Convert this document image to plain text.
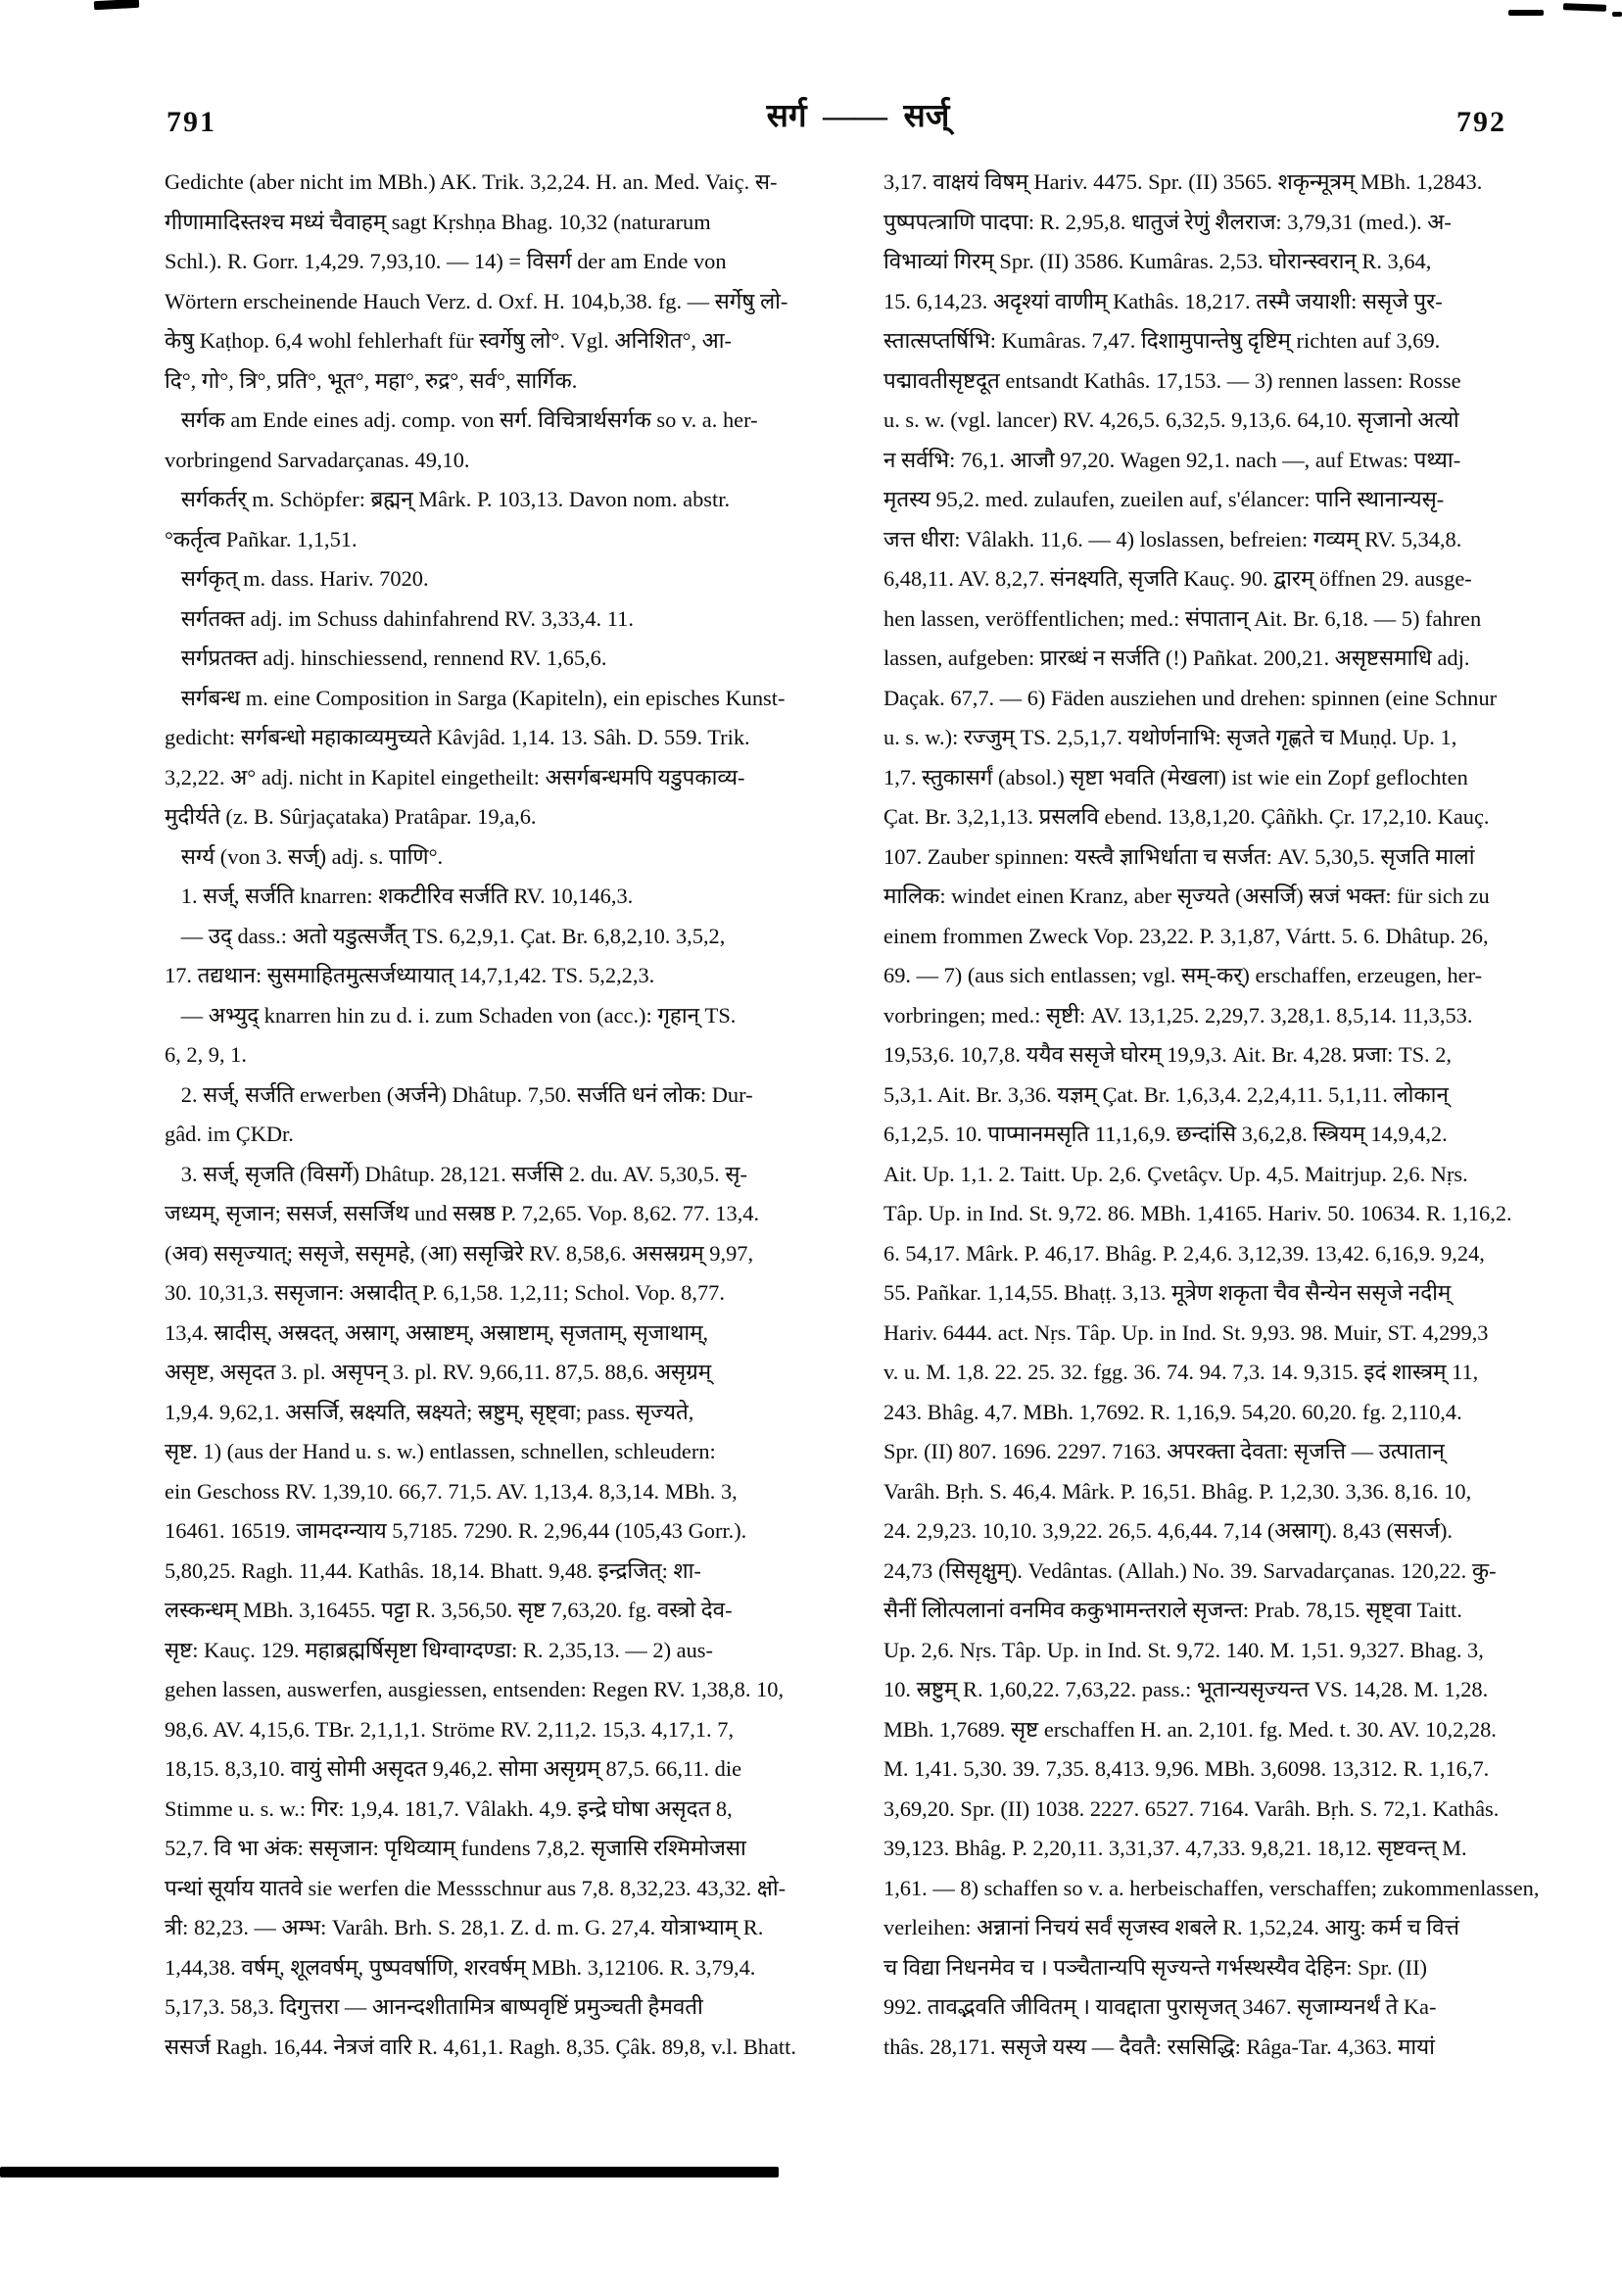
791	सर्ग  ——  सर्ज्	792
Gedichte (aber nicht im MBh.) AK. Trik. 3,2,24. H. an. Med. Vaiç. स-
गीणामादिस्तश्च मध्यं चैवाहम् sagt Kṛshṇa Bhag. 10,32 (naturarum
Schl.). R. Gorr. 1,4,29. 7,93,10. — 14) = विसर्ग der am Ende von
Wörtern erscheinende Hauch Verz. d. Oxf. H. 104,b,38. fg. — सर्गेषु लो-
केषु Kaṭhop. 6,4 wohl fehlerhaft für स्वर्गेषु लो°. Vgl. अनिशित°, आ-
दि°, गो°, त्रि°, प्रति°, भूत°, महा°, रुद्र°, सर्व°, सार्गिक.
सर्गक am Ende eines adj. comp. von सर्ग. विचित्रार्थसर्गक so v. a. her-
vorbringend Sarvadarçanas. 49,10.
सर्गकर्तर् m. Schöpfer: ब्रह्मन् Mârk. P. 103,13. Davon nom. abstr.
°कर्तृत्व Pañkar. 1,1,51.
सर्गकृत् m. dass. Hariv. 7020.
सर्गतक्त adj. im Schuss dahinfahrend RV. 3,33,4. 11.
सर्गप्रतक्त adj. hinschiessend, rennend RV. 1,65,6.
सर्गबन्ध m. eine Composition in Sarga (Kapiteln), ein episches Kunst-
gedicht: सर्गबन्धो महाकाव्यमुच्यते Kâvjâd. 1,14. 13. Sâh. D. 559. Trik.
3,2,22. अ° adj. nicht in Kapitel eingetheilt: असर्गबन्धमपि यडुपकाव्य-
मुदीर्यते (z. B. Sûrjaçataka) Pratâpar. 19,a,6.
सर्ग्य (von 3. सर्ज्) adj. s. पाणि°.
1. सर्ज्, सर्जति knarren: शकटीरिव सर्जति RV. 10,146,3.
— उद् dass.: अतो यडुत्सर्जैत् TS. 6,2,9,1. Çat. Br. 6,8,2,10. 3,5,2,
17. तद्यथान: सुसमाहितमुत्सर्जध्यायात् 14,7,1,42. TS. 5,2,2,3.
— अभ्युद् knarren hin zu d. i. zum Schaden von (acc.): गृहान् TS.
6, 2, 9, 1.
2. सर्ज्, सर्जति erwerben (अर्जने) Dhâtup. 7,50. सर्जति धनं लोक: Dur-
gâd. im ÇKDr.
3. सर्ज्, सृजति (विसर्गे) Dhâtup. 28,121. सर्जसि 2. du. AV. 5,30,5. सृ-
जध्यम्, सृजान; ससर्ज, ससर्जिथ und सस्रष्ठ P. 7,2,65. Vop. 8,62. 77. 13,4.
(अव) ससृज्यात्; ससृजे, ससृमहे, (आ) ससृज्रिरे RV. 8,58,6. असस्रग्रम् 9,97,
30. 10,31,3. ससृजान: अस्रादीत् P. 6,1,58. 1,2,11; Schol. Vop. 8,77.
13,4. स्रादीस्, अस्रदत्, अस्राग्, अस्राष्टम्, अस्राष्टाम्, सृजताम्, सृजाथाम्,
असृष्ट, असृदत 3. pl. असृपन् 3. pl. RV. 9,66,11. 87,5. 88,6. असृग्रम्
1,9,4. 9,62,1. असर्जि, स्रक्ष्यति, स्रक्ष्यते; स्रष्टुम्, सृष्ट्वा; pass. सृज्यते,
सृष्ट. 1) (aus der Hand u. s. w.) entlassen, schnellen, schleudern:
ein Geschoss RV. 1,39,10. 66,7. 71,5. AV. 1,13,4. 8,3,14. MBh. 3,
16461. 16519. जामदग्न्याय 5,7185. 7290. R. 2,96,44 (105,43 Gorr.).
5,80,25. Ragh. 11,44. Kathâs. 18,14. Bhatt. 9,48. इन्द्रजित्: शा-
लस्कन्धम् MBh. 3,16455. पट्टा R. 3,56,50. सृष्ट 7,63,20. fg. वस्त्रो देव-
सृष्ट: Kauç. 129. महाब्रह्मर्षिसृष्टा धिग्वाग्दण्डा: R. 2,35,13. — 2) aus-
gehen lassen, auswerfen, ausgiessen, entsenden: Regen RV. 1,38,8. 10,
98,6. AV. 4,15,6. TBr. 2,1,1,1. Ströme RV. 2,11,2. 15,3. 4,17,1. 7,
18,15. 8,3,10. वायुं सोमी असृदत 9,46,2. सोमा असृग्रम् 87,5. 66,11. die
Stimme u. s. w.: गिर: 1,9,4. 181,7. Vâlakh. 4,9. इन्द्रे घोषा असृदत 8,
52,7. वि भा अंक: ससृजान: पृथिव्याम् fundens 7,8,2. सृजासि रश्मिमोजसा
पन्थां सूर्याय यातवे sie werfen die Messschnur aus 7,8. 8,32,23. 43,32. क्षो-
त्री: 82,23. — अम्भ: Varâh. Brh. S. 28,1. Z. d. m. G. 27,4. योत्राभ्याम् R.
1,44,38. वर्षम्, शूलवर्षम्, पुष्पवर्षाणि, शरवर्षम् MBh. 3,12106. R. 3,79,4.
5,17,3. 58,3. दिगुत्तरा — आनन्दशीतामित्र बाष्पवृष्टिं प्रमुञ्चती हैमवती
ससर्ज Ragh. 16,44. नेत्रजं वारि R. 4,61,1. Ragh. 8,35. Çâk. 89,8, v.l. Bhatt.
3,17. वाक्षयं विषम् Hariv. 4475. Spr. (II) 3565. शकृन्मूत्रम् MBh. 1,2843.
पुष्पपत्त्राणि पादपा: R. 2,95,8. धातुजं रेणुं शैलराज: 3,79,31 (med.). अ-
विभाव्यां गिरम् Spr. (II) 3586. Kumâras. 2,53. घोरान्स्वरान् R. 3,64,
15. 6,14,23. अदृश्यां वाणीम् Kathâs. 18,217. तस्मै जयाशी: ससृजे पुर-
स्तात्सप्तर्षिभि: Kumâras. 7,47. दिशामुपान्तेषु दृष्टिम् richten auf 3,69.
पद्मावतीसृष्टदूत entsandt Kathâs. 17,153. — 3) rennen lassen: Rosse
u. s. w. (vgl. lancer) RV. 4,26,5. 6,32,5. 9,13,6. 64,10. सृजानो अत्यो
न सर्वभि: 76,1. आजौ 97,20. Wagen 92,1. nach —, auf Etwas: पथ्या-
मृतस्य 95,2. med. zulaufen, zueilen auf, s'élancer: पानि स्थानान्यसृ-
जत्त धीरा: Vâlakh. 11,6. — 4) loslassen, befreien: गव्यम् RV. 5,34,8.
6,48,11. AV. 8,2,7. संनक्ष्यति, सृजति Kauç. 90. द्वारम् öffnen 29. ausge-
hen lassen, veröffentlichen; med.: संपातान् Ait. Br. 6,18. — 5) fahren
lassen, aufgeben: प्रारब्धं न सर्जति (!) Pañkat. 200,21. असृष्टसमाधि adj.
Daçak. 67,7. — 6) Fäden ausziehen und drehen: spinnen (eine Schnur
u. s. w.): रज्जुम् TS. 2,5,1,7. यथोर्णनाभि: सृजते गृह्णते च Muṇḍ. Up. 1,
1,7. स्तुकासर्गं (absol.) सृष्टा भवति (मेखला) ist wie ein Zopf geflochten
Çat. Br. 3,2,1,13. प्रसलवि ebend. 13,8,1,20. Çâñkh. Çr. 17,2,10. Kauç.
107. Zauber spinnen: यस्त्वै ज्ञाभिर्धाता च सर्जत: AV. 5,30,5. सृजति मालां
मालिक: windet einen Kranz, aber सृज्यते (असर्जि) स्रजं भक्त: für sich zu
einem frommen Zweck Vop. 23,22. P. 3,1,87, Vártt. 5. 6. Dhâtup. 26,
69. — 7) (aus sich entlassen; vgl. सम्-कर्) erschaffen, erzeugen, her-
vorbringen; med.: सृष्टी: AV. 13,1,25. 2,29,7. 3,28,1. 8,5,14. 11,3,53.
19,53,6. 10,7,8. ययैव ससृजे घोरम् 19,9,3. Ait. Br. 4,28. प्रजा: TS. 2,
5,3,1. Ait. Br. 3,36. यज्ञम् Çat. Br. 1,6,3,4. 2,2,4,11. 5,1,11. लोकान्
6,1,2,5. 10. पाप्मानमसृति 11,1,6,9. छन्दांसि 3,6,2,8. स्त्रियम् 14,9,4,2.
Ait. Up. 1,1. 2. Taitt. Up. 2,6. Çvetâçv. Up. 4,5. Maitrjup. 2,6. Nṛs.
Tâp. Up. in Ind. St. 9,72. 86. MBh. 1,4165. Hariv. 50. 10634. R. 1,16,2.
6. 54,17. Mârk. P. 46,17. Bhâg. P. 2,4,6. 3,12,39. 13,42. 6,16,9. 9,24,
55. Pañkar. 1,14,55. Bhaṭṭ. 3,13. मूत्रेण शकृता चैव सैन्येन ससृजे नदीम्
Hariv. 6444. act. Nṛs. Tâp. Up. in Ind. St. 9,93. 98. Muir, ST. 4,299,3
v. u. M. 1,8. 22. 25. 32. fgg. 36. 74. 94. 7,3. 14. 9,315. इदं शास्त्रम् 11,
243. Bhâg. 4,7. MBh. 1,7692. R. 1,16,9. 54,20. 60,20. fg. 2,110,4.
Spr. (II) 807. 1696. 2297. 7163. अपरक्ता देवता: सृजत्ति — उत्पातान्
Varâh. Bṛh. S. 46,4. Mârk. P. 16,51. Bhâg. P. 1,2,30. 3,36. 8,16. 10,
24. 2,9,23. 10,10. 3,9,22. 26,5. 4,6,44. 7,14 (अस्राग्). 8,43 (ससर्ज).
24,73 (सिसृक्षुम्). Vedântas. (Allah.) No. 39. Sarvadarçanas. 120,22. कु-
सैनीं लिोत्पलानां वनमिव ककुभामन्तराले सृजन्त: Prab. 78,15. सृष्ट्वा Taitt.
Up. 2,6. Nṛs. Tâp. Up. in Ind. St. 9,72. 140. M. 1,51. 9,327. Bhag. 3,
10. स्रष्टुम् R. 1,60,22. 7,63,22. pass.: भूतान्यसृज्यन्त VS. 14,28. M. 1,28.
MBh. 1,7689. सृष्ट erschaffen H. an. 2,101. fg. Med. t. 30. AV. 10,2,28.
M. 1,41. 5,30. 39. 7,35. 8,413. 9,96. MBh. 3,6098. 13,312. R. 1,16,7.
3,69,20. Spr. (II) 1038. 2227. 6527. 7164. Varâh. Bṛh. S. 72,1. Kathâs.
39,123. Bhâg. P. 2,20,11. 3,31,37. 4,7,33. 9,8,21. 18,12. सृष्टवन्त् M.
1,61. — 8) schaffen so v. a. herbeischaffen, verschaffen; zukommenlassen,
verleihen: अन्नानां निचयं सर्वं सृजस्व शबले R. 1,52,24. आयु: कर्म च वित्तं
च विद्या निधनमेव च । पञ्चैतान्यपि सृज्यन्ते गर्भस्थस्यैव देहिन: Spr. (II)
992. तावद्भवति जीवितम् । यावद्दाता पुरासृजत् 3467. सृजाम्यनर्थं ते Ka-
thâs. 28,171. ससृजे यस्य — दैवतै: रससिद्धि: Râga-Tar. 4,363. मायां
